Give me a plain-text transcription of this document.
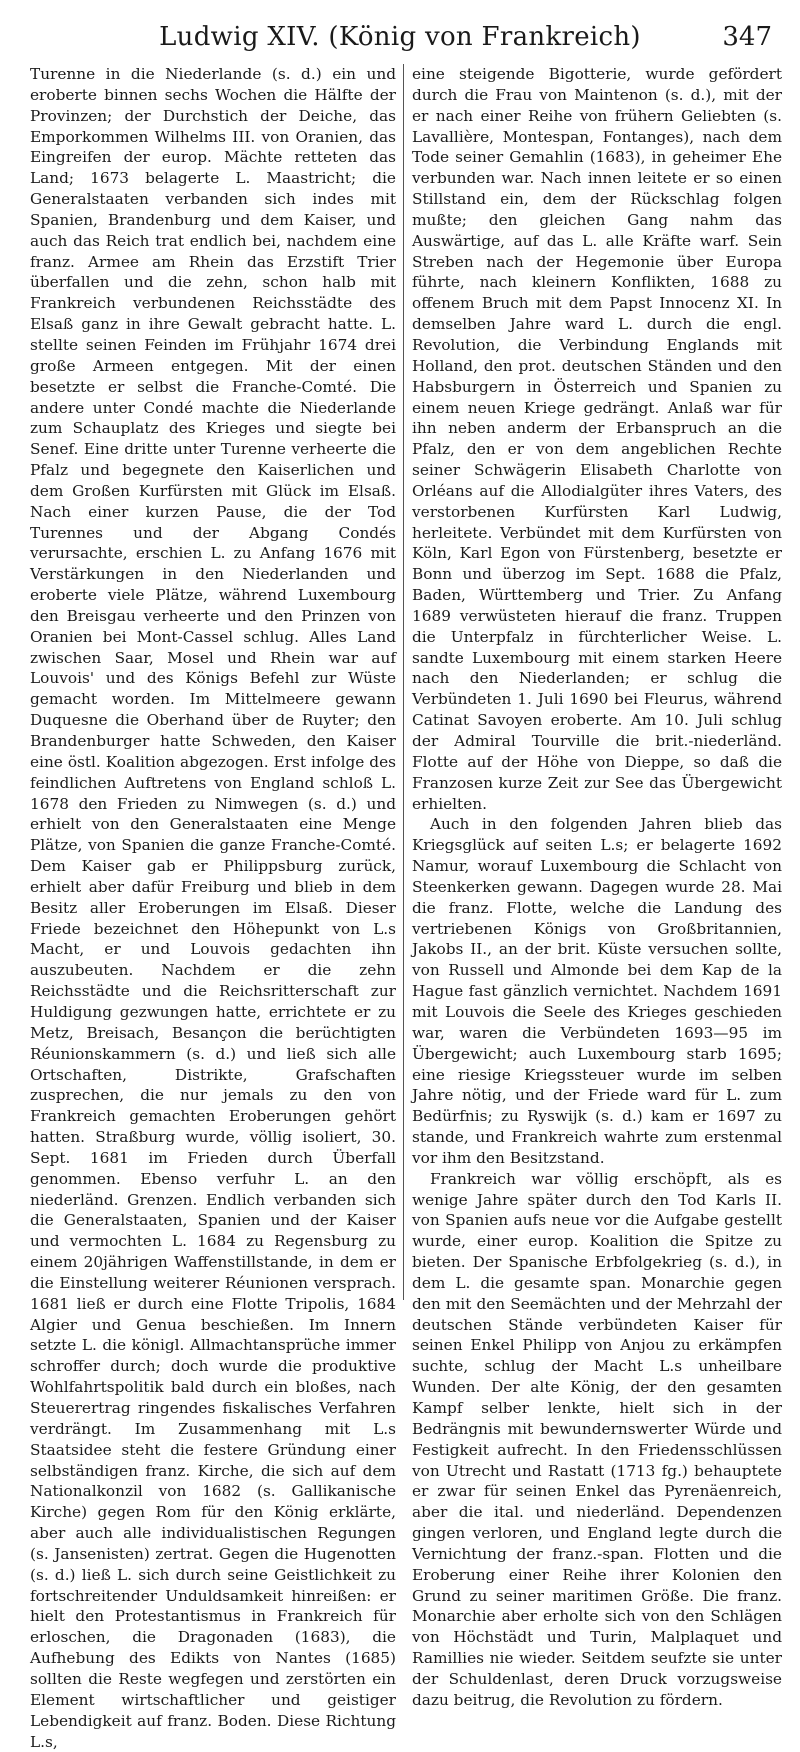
Ludwig XIV. (König von Frankreich)	347

Turenne in die Niederlande (s. d.) ein und eroberte binnen sechs Wochen die Hälfte der Provinzen; der Durchstich der Deiche, das Emporkommen Wilhelms III. von Oranien, das Eingreifen der europ. Mächte retteten das Land; 1673 belagerte L. Maastricht; die Generalstaaten verbanden sich indes mit Spanien, Brandenburg und dem Kaiser, und auch das Reich trat endlich bei, nachdem eine franz. Armee am Rhein das Erzstift Trier überfallen und die zehn, schon halb mit Frankreich verbundenen Reichsstädte des Elsaß ganz in ihre Gewalt gebracht hatte. L. stellte seinen Feinden im Frühjahr 1674 drei große Armeen entgegen. Mit der einen besetzte er selbst die Franche-Comté. Die andere unter Condé machte die Niederlande zum Schauplatz des Krieges und siegte bei Senef. Eine dritte unter Turenne verheerte die Pfalz und begegnete den Kaiserlichen und dem Großen Kurfürsten mit Glück im Elsaß. Nach einer kurzen Pause, die der Tod Turennes und der Abgang Condés verursachte, erschien L. zu Anfang 1676 mit Verstärkungen in den Niederlanden und eroberte viele Plätze, während Luxembourg den Breisgau verheerte und den Prinzen von Oranien bei Mont-Cassel schlug. Alles Land zwischen Saar, Mosel und Rhein war auf Louvois' und des Königs Befehl zur Wüste gemacht worden. Im Mittelmeere gewann Duquesne die Oberhand über de Ruyter; den Brandenburger hatte Schweden, den Kaiser eine östl. Koalition abgezogen. Erst infolge des feindlichen Auftretens von England schloß L. 1678 den Frieden zu Nimwegen (s. d.) und erhielt von den Generalstaaten eine Menge Plätze, von Spanien die ganze Franche-Comté. Dem Kaiser gab er Philippsburg zurück, erhielt aber dafür Freiburg und blieb in dem Besitz aller Eroberungen im Elsaß. Dieser Friede bezeichnet den Höhepunkt von L.s Macht, er und Louvois gedachten ihn auszubeuten. Nachdem er die zehn Reichsstädte und die Reichsritterschaft zur Huldigung gezwungen hatte, errichtete er zu Metz, Breisach, Besançon die berüchtigten Réunionskammern (s. d.) und ließ sich alle Ortschaften, Distrikte, Grafschaften zusprechen, die nur jemals zu den von Frankreich gemachten Eroberungen gehört hatten. Straßburg wurde, völlig isoliert, 30. Sept. 1681 im Frieden durch Überfall genommen. Ebenso verfuhr L. an den niederländ. Grenzen. Endlich verbanden sich die Generalstaaten, Spanien und der Kaiser und vermochten L. 1684 zu Regensburg zu einem 20jährigen Waffenstillstande, in dem er die Einstellung weiterer Réunionen versprach. 1681 ließ er durch eine Flotte Tripolis, 1684 Algier und Genua beschießen. Im Innern setzte L. die königl. Allmachtansprüche immer schroffer durch; doch wurde die produktive Wohlfahrtspolitik bald durch ein bloßes, nach Steuerertrag ringendes fiskalisches Verfahren verdrängt. Im Zusammenhang mit L.s Staatsidee steht die festere Gründung einer selbständigen franz. Kirche, die sich auf dem Nationalkonzil von 1682 (s. Gallikanische Kirche) gegen Rom für den König erklärte, aber auch alle individualistischen Regungen (s. Jansenisten) zertrat. Gegen die Hugenotten (s. d.) ließ L. sich durch seine Geistlichkeit zu fortschreitender Unduldsamkeit hinreißen: er hielt den Protestantismus in Frankreich für erloschen, die Dragonaden (1683), die Aufhebung des Edikts von Nantes (1685) sollten die Reste wegfegen und zerstörten ein Element wirtschaftlicher und geistiger Lebendigkeit auf franz. Boden. Diese Richtung L.s,

eine steigende Bigotterie, wurde gefördert durch die Frau von Maintenon (s. d.), mit der er nach einer Reihe von frühern Geliebten (s. Lavallière, Montespan, Fontanges), nach dem Tode seiner Gemahlin (1683), in geheimer Ehe verbunden war. Nach innen leitete er so einen Stillstand ein, dem der Rückschlag folgen mußte; den gleichen Gang nahm das Auswärtige, auf das L. alle Kräfte warf. Sein Streben nach der Hegemonie über Europa führte, nach kleinern Konflikten, 1688 zu offenem Bruch mit dem Papst Innocenz XI. In demselben Jahre ward L. durch die engl. Revolution, die Verbindung Englands mit Holland, den prot. deutschen Ständen und den Habsburgern in Österreich und Spanien zu einem neuen Kriege gedrängt. Anlaß war für ihn neben anderm der Erbanspruch an die Pfalz, den er von dem angeblichen Rechte seiner Schwägerin Elisabeth Charlotte von Orléans auf die Allodialgüter ihres Vaters, des verstorbenen Kurfürsten Karl Ludwig, herleitete. Verbündet mit dem Kurfürsten von Köln, Karl Egon von Fürstenberg, besetzte er Bonn und überzog im Sept. 1688 die Pfalz, Baden, Württemberg und Trier. Zu Anfang 1689 verwüsteten hierauf die franz. Truppen die Unterpfalz in fürchterlicher Weise. L. sandte Luxembourg mit einem starken Heere nach den Niederlanden; er schlug die Verbündeten 1. Juli 1690 bei Fleurus, während Catinat Savoyen eroberte. Am 10. Juli schlug der Admiral Tourville die brit.-niederländ. Flotte auf der Höhe von Dieppe, so daß die Franzosen kurze Zeit zur See das Übergewicht erhielten.

Auch in den folgenden Jahren blieb das Kriegsglück auf seiten L.s; er belagerte 1692 Namur, worauf Luxembourg die Schlacht von Steenkerken gewann. Dagegen wurde 28. Mai die franz. Flotte, welche die Landung des vertriebenen Königs von Großbritannien, Jakobs II., an der brit. Küste versuchen sollte, von Russell und Almonde bei dem Kap de la Hague fast gänzlich vernichtet. Nachdem 1691 mit Louvois die Seele des Krieges geschieden war, waren die Verbündeten 1693—95 im Übergewicht; auch Luxembourg starb 1695; eine riesige Kriegssteuer wurde im selben Jahre nötig, und der Friede ward für L. zum Bedürfnis; zu Ryswijk (s. d.) kam er 1697 zu stande, und Frankreich wahrte zum erstenmal vor ihm den Besitzstand.

Frankreich war völlig erschöpft, als es wenige Jahre später durch den Tod Karls II. von Spanien aufs neue vor die Aufgabe gestellt wurde, einer europ. Koalition die Spitze zu bieten. Der Spanische Erbfolgekrieg (s. d.), in dem L. die gesamte span. Monarchie gegen den mit den Seemächten und der Mehrzahl der deutschen Stände verbündeten Kaiser für seinen Enkel Philipp von Anjou zu erkämpfen suchte, schlug der Macht L.s unheilbare Wunden. Der alte König, der den gesamten Kampf selber lenkte, hielt sich in der Bedrängnis mit bewundernswerter Würde und Festigkeit aufrecht. In den Friedensschlüssen von Utrecht und Rastatt (1713 fg.) behauptete er zwar für seinen Enkel das Pyrenäenreich, aber die ital. und niederländ. Dependenzen gingen verloren, und England legte durch die Vernichtung der franz.-span. Flotten und die Eroberung einer Reihe ihrer Kolonien den Grund zu seiner maritimen Größe. Die franz. Monarchie aber erholte sich von den Schlägen von Höchstädt und Turin, Malplaquet und Ramillies nie wieder. Seitdem seufzte sie unter der Schuldenlast, deren Druck vorzugsweise dazu beitrug, die Revolution zu fördern.
